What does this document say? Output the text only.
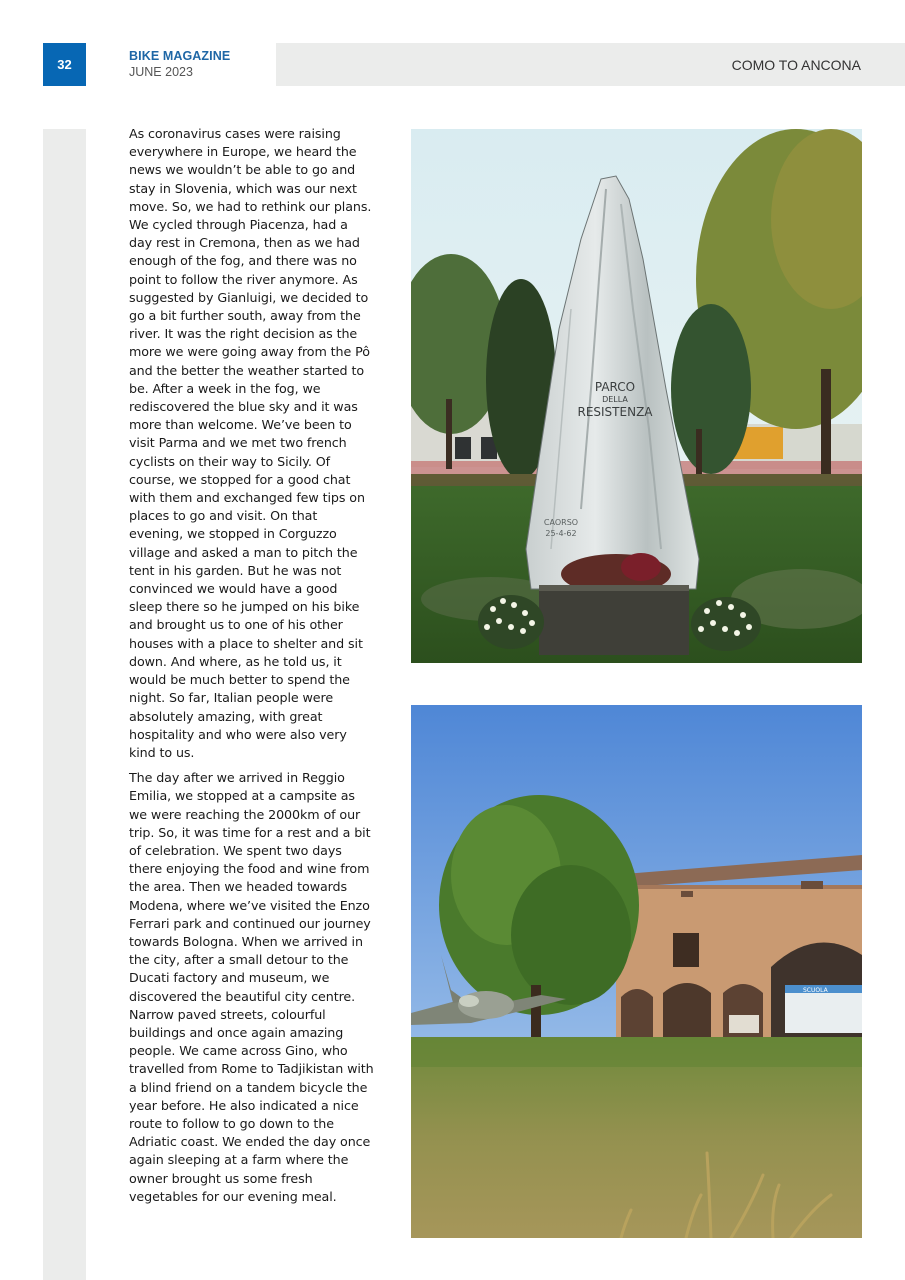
32
BIKE MAGAZINE
JUNE 2023	COMO TO ANCONA

As coronavirus cases were raising everywhere in Europe, we heard the news we wouldn’t be able to go and stay in Slovenia, which was our next move. So, we had to rethink our plans. We cycled through Piacenza, had a day rest in Cremona, then as we had enough of the fog, and there was no point to follow the river anymore. As suggested by Gianluigi, we decided to go a bit further south, away from the river. It was the right decision as the more we were going away from the Pô and the better the weather started to be. After a week in the fog, we rediscovered the blue sky and it was more than welcome. We’ve been to visit Parma and we met two french cyclists on their way to Sicily. Of course, we stopped for a good chat with them and exchanged few tips on places to go and visit. On that evening, we stopped in Corguzzo village and asked a man to pitch the tent in his garden. But he was not convinced we would have a good sleep there so he jumped on his bike and brought us to one of his other houses with a place to shelter and sit down. And where, as he told us, it would be much better to spend the night. So far, Italian people were absolutely amazing, with great hospitality and who were also very kind to us.

The day after we arrived in Reggio Emilia, we stopped at a campsite as we were reaching the 2000km of our trip. So, it was time for a rest and a bit of celebration. We spent two days there enjoying the food and wine from the area. Then we headed towards Modena, where we’ve visited the Enzo Ferrari park and continued our journey towards Bologna. When we arrived in the city, after a small detour to the Ducati factory and museum, we discovered the beautiful city centre. Narrow paved streets, colourful buildings and once again amazing people. We came across Gino, who travelled from Rome to Tadjikistan with a blind friend on a tandem bicycle the year before. He also indicated a nice route to follow to go down to the Adriatic coast. We ended the day once again sleeping at a farm where the owner brought us some fresh vegetables for our evening meal.

PARCO
DELLA
RESISTENZA
CAORSO
25-4-62
SCUOLA
